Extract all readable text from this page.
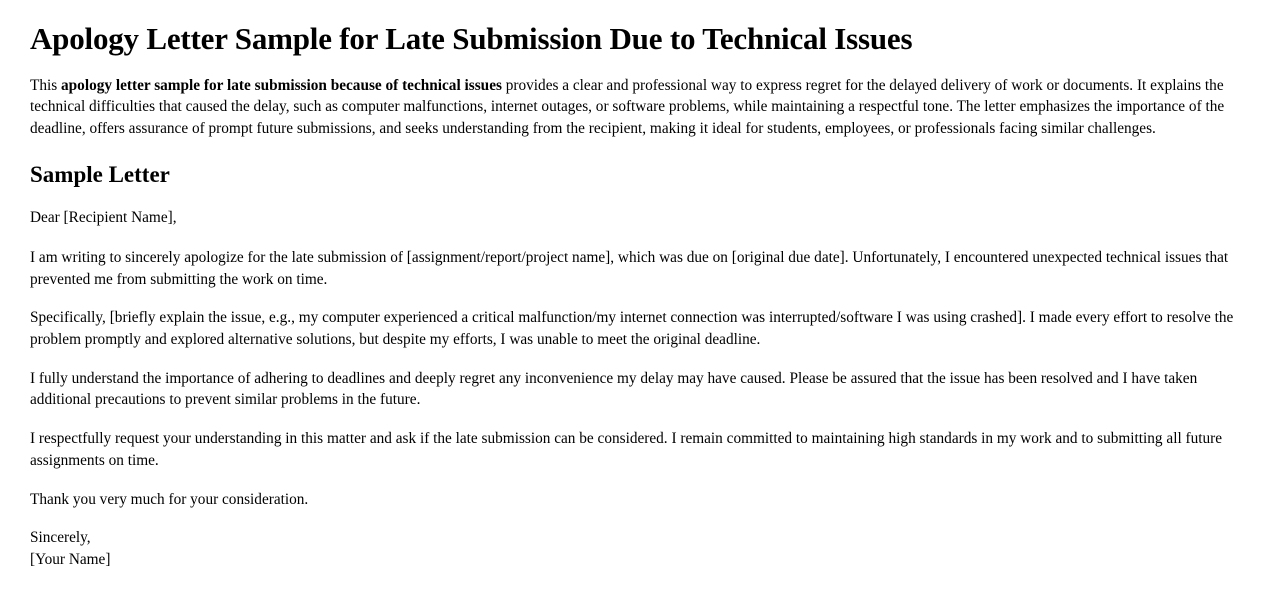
Apology Letter Sample for Late Submission Due to Technical Issues

This apology letter sample for late submission because of technical issues provides a clear and professional way to express regret for the delayed delivery of work or documents. It explains the technical difficulties that caused the delay, such as computer malfunctions, internet outages, or software problems, while maintaining a respectful tone. The letter emphasizes the importance of the deadline, offers assurance of prompt future submissions, and seeks understanding from the recipient, making it ideal for students, employees, or professionals facing similar challenges.

Sample Letter

Dear [Recipient Name],

I am writing to sincerely apologize for the late submission of [assignment/report/project name], which was due on [original due date]. Unfortunately, I encountered unexpected technical issues that prevented me from submitting the work on time.

Specifically, [briefly explain the issue, e.g., my computer experienced a critical malfunction/my internet connection was interrupted/software I was using crashed]. I made every effort to resolve the problem promptly and explored alternative solutions, but despite my efforts, I was unable to meet the original deadline.

I fully understand the importance of adhering to deadlines and deeply regret any inconvenience my delay may have caused. Please be assured that the issue has been resolved and I have taken additional precautions to prevent similar problems in the future.

I respectfully request your understanding in this matter and ask if the late submission can be considered. I remain committed to maintaining high standards in my work and to submitting all future assignments on time.

Thank you very much for your consideration.

Sincerely,
[Your Name]
